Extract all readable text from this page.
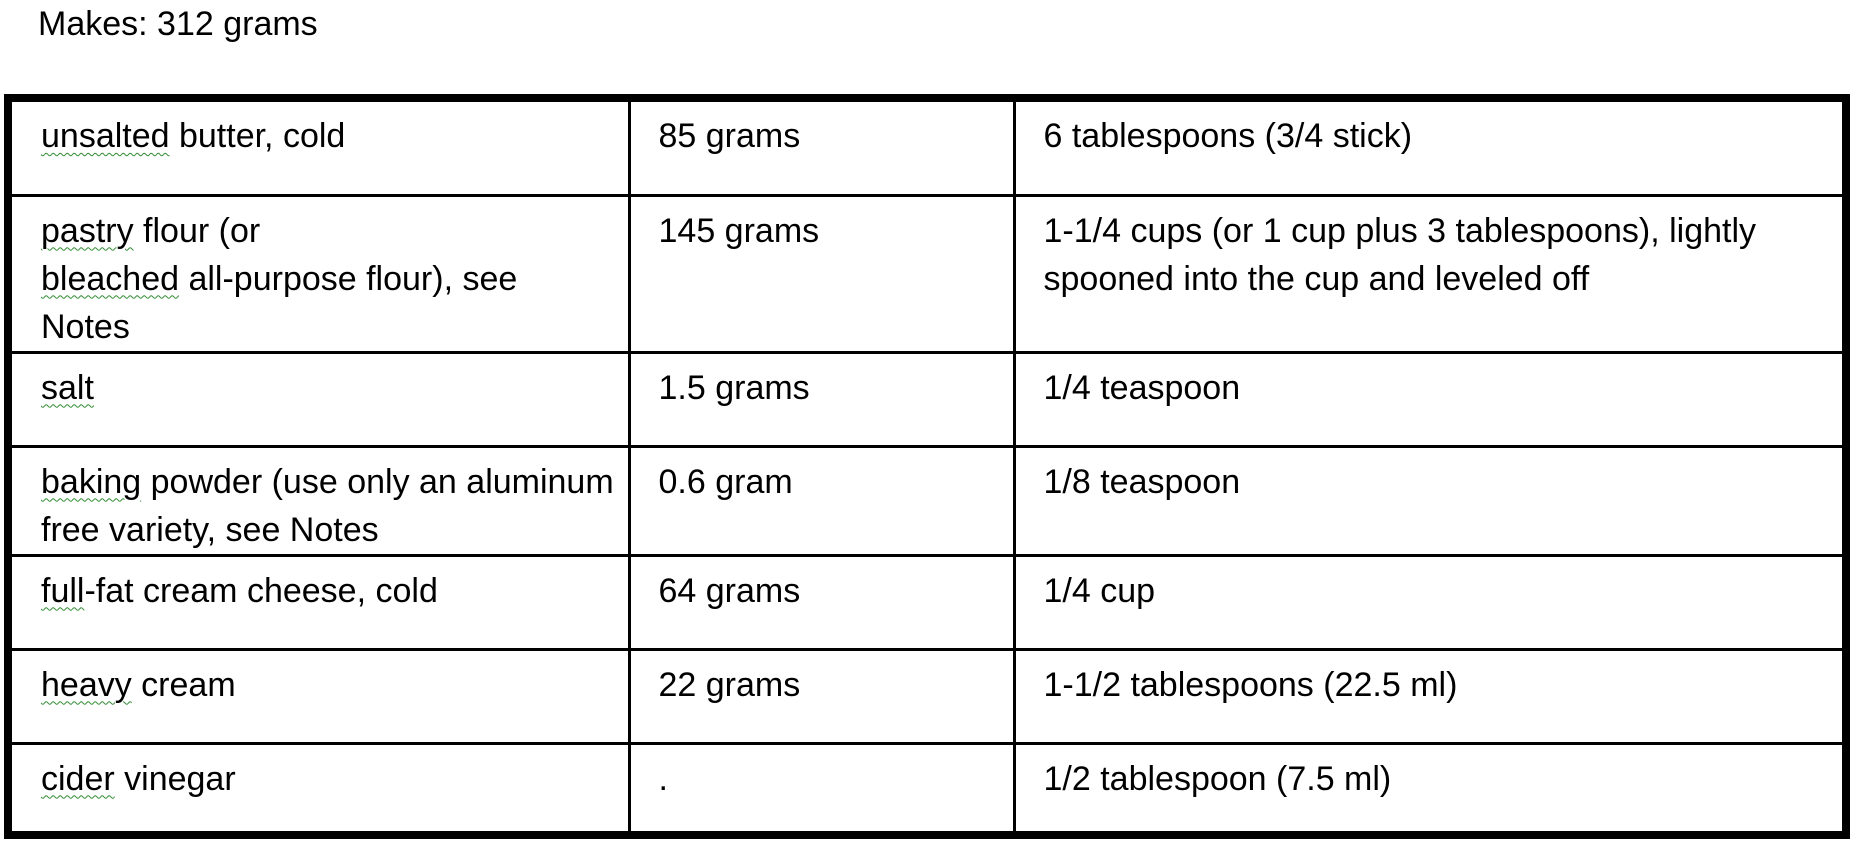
Makes: 312 grams
unsalted butter, cold	85 grams	6 tablespoons (3/4 stick)
pastry flour (or
bleached all-purpose flour), see Notes	145 grams	1-1/4 cups (or 1 cup plus 3 tablespoons), lightly spooned into the cup and leveled off
salt	1.5 grams	1/4 teaspoon
baking powder (use only an aluminum free variety, see Notes	0.6 gram	1/8 teaspoon
full-fat cream cheese, cold	64 grams	1/4 cup
heavy cream	22 grams	1-1/2 tablespoons (22.5 ml)
cider vinegar	.	1/2 tablespoon (7.5 ml)
